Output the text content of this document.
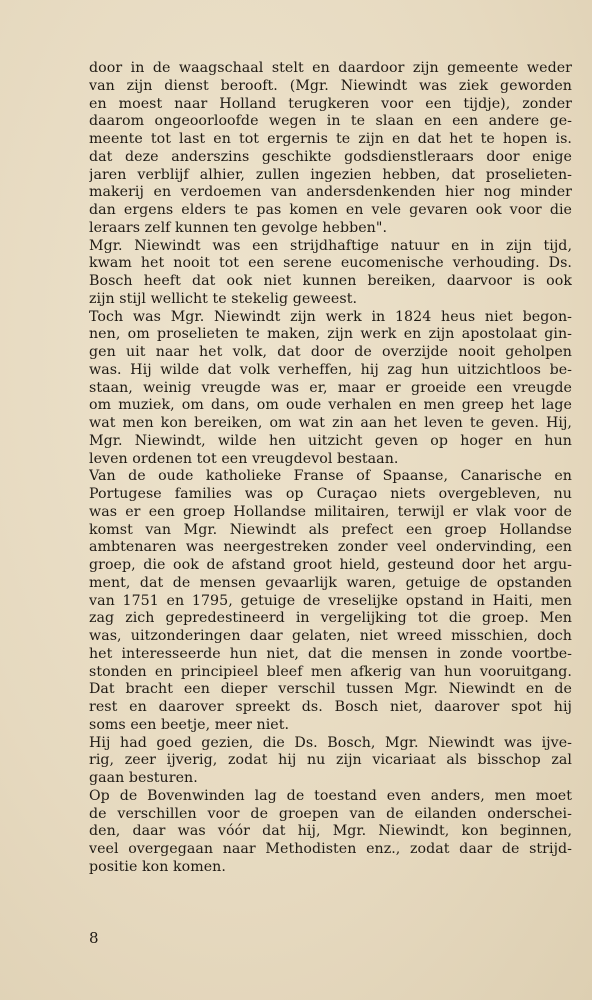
door in de waagschaal stelt en daardoor zijn gemeente weder

van zijn dienst berooft. (Mgr. Niewindt was ziek geworden

en moest naar Holland terugkeren voor een tijdje), zonder

daarom ongeoorloofde wegen in te slaan en een andere ge-

meente tot last en tot ergernis te zijn en dat het te hopen is.

dat deze anderszins geschikte godsdienstleraars door enige

jaren verblijf alhier, zullen ingezien hebben, dat proselieten-

makerij en verdoemen van andersdenkenden hier nog minder

dan ergens elders te pas komen en vele gevaren ook voor die

leraars zelf kunnen ten gevolge hebben".

Mgr. Niewindt was een strijdhaftige natuur en in zijn tijd,

kwam het nooit tot een serene eucomenische verhouding. Ds.

Bosch heeft dat ook niet kunnen bereiken, daarvoor is ook

zijn stijl wellicht te stekelig geweest.

Toch was Mgr. Niewindt zijn werk in 1824 heus niet begon-

nen, om proselieten te maken, zijn werk en zijn apostolaat gin-

gen uit naar het volk, dat door de overzijde nooit geholpen

was. Hij wilde dat volk verheffen, hij zag hun uitzichtloos be-

staan, weinig vreugde was er, maar er groeide een vreugde

om muziek, om dans, om oude verhalen en men greep het lage

wat men kon bereiken, om wat zin aan het leven te geven. Hij,

Mgr. Niewindt, wilde hen uitzicht geven op hoger en hun

leven ordenen tot een vreugdevol bestaan.

Van de oude katholieke Franse of Spaanse, Canarische en

Portugese families was op Curaçao niets overgebleven, nu

was er een groep Hollandse militairen, terwijl er vlak voor de

komst van Mgr. Niewindt als prefect een groep Hollandse

ambtenaren was neergestreken zonder veel ondervinding, een

groep, die ook de afstand groot hield, gesteund door het argu-

ment, dat de mensen gevaarlijk waren, getuige de opstanden

van 1751 en 1795, getuige de vreselijke opstand in Haiti, men

zag zich gepredestineerd in vergelijking tot die groep. Men

was, uitzonderingen daar gelaten, niet wreed misschien, doch

het interesseerde hun niet, dat die mensen in zonde voortbe-

stonden en principieel bleef men afkerig van hun vooruitgang.

Dat bracht een dieper verschil tussen Mgr. Niewindt en de

rest en daarover spreekt ds. Bosch niet, daarover spot hij

soms een beetje, meer niet.

Hij had goed gezien, die Ds. Bosch, Mgr. Niewindt was ijve-

rig, zeer ijverig, zodat hij nu zijn vicariaat als bisschop zal

gaan besturen.

Op de Bovenwinden lag de toestand even anders, men moet

de verschillen voor de groepen van de eilanden onderschei-

den, daar was vóór dat hij, Mgr. Niewindt, kon beginnen,

veel overgegaan naar Methodisten enz., zodat daar de strijd-

positie kon komen.

8
